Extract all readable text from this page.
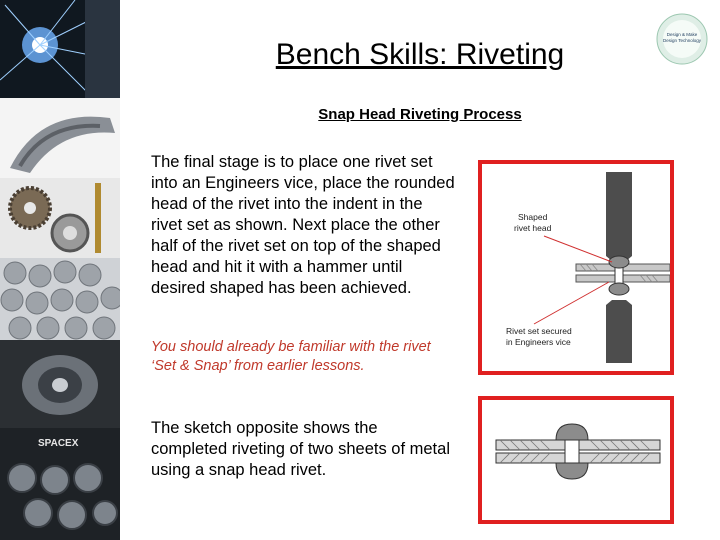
SPACEX
Design & Make
Design Technology
Bench Skills: Riveting
Snap Head Riveting Process
The final stage is to place one rivet set into an Engineers vice, place the rounded head of the rivet into the indent in the rivet set as shown. Next place the other half of the rivet set on top of the shaped head and hit it with a hammer until desired shaped has been achieved.
You should already be familiar with the rivet ‘Set & Snap’ from earlier lessons.
The sketch opposite shows the completed riveting of two sheets of metal using a snap head rivet.
Shaped
rivet head
Rivet set secured
in Engineers vice
